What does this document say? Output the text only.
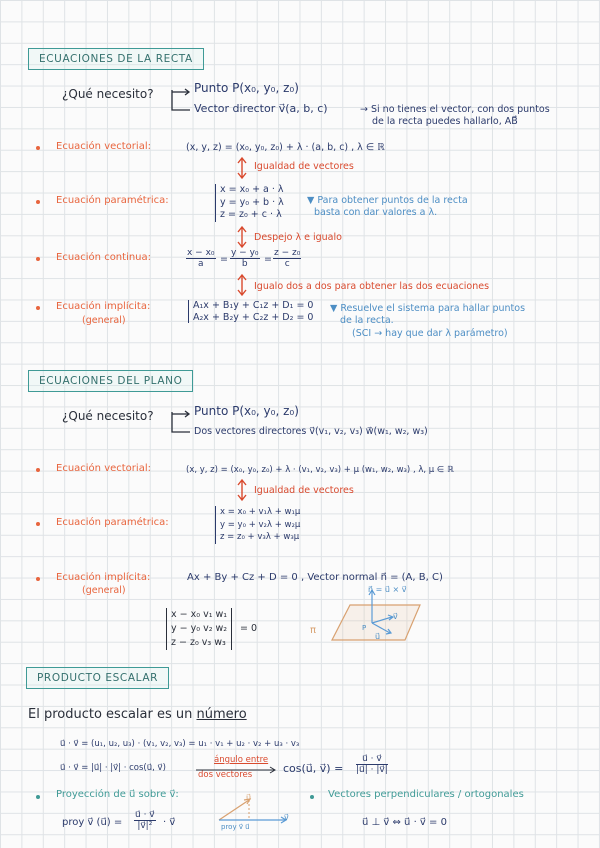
ECUACIONES DE LA RECTA
¿Qué necesito?	Punto P(x₀, y₀, z₀)
Vector director v⃗(a, b, c)	→ Si no tienes el vector, con dos puntos
de la recta puedes hallarlo, AB⃗
Ecuación vectorial:	(x, y, z) = (x₀, y₀, z₀) + λ · (a, b, c) , λ ∈ ℝ
Igualdad de vectores
Ecuación paramétrica:
x = x₀ + a · λ
y = y₀ + b · λ
z = z₀ + c · λ
▼ Para obtener puntos de la recta
basta con dar valores a λ.
Despejo λ e igualo
Ecuación continua:	$\frac{\text{x − x₀}}{a} = \frac{\text{y − y₀}}{b} = \frac{\text{z − z₀}}{c}$
Igualo dos a dos para obtener las dos ecuaciones
Ecuación implícita:
(general)
A₁x + B₁y + C₁z + D₁ = 0
A₂x + B₂y + C₂z + D₂ = 0
▼ Resuelve el sistema para hallar puntos
de la recta.
(SCI → hay que dar λ parámetro)
ECUACIONES DEL PLANO
¿Qué necesito?	Punto P(x₀, y₀, z₀)
Dos vectores directores v⃗(v₁, v₂, v₃) w⃗(w₁, w₂, w₃)
Ecuación vectorial:	(x, y, z) = (x₀, y₀, z₀) + λ · (v₁, v₂, v₃) + μ (w₁, w₂, w₃) , λ, μ ∈ ℝ
Igualdad de vectores
Ecuación paramétrica:
x = x₀ + v₁λ + w₁μ
y = y₀ + v₂λ + w₂μ
z = z₀ + v₃λ + w₃μ
Ecuación implícita:
(general)
Ax + By + Cz + D = 0 , Vector normal n⃗ = (A, B, C)
x − x₀ v₁ w₁
y − y₀ v₂ w₂
z − z₀ v₃ w₃
= 0
n⃗ = u⃗ × v⃗
π	P
u⃗
v⃗
PRODUCTO ESCALAR
El producto escalar es un número
u⃗ · v⃗ = (u₁, u₂, u₃) · (v₁, v₂, v₃) = u₁ · v₁ + u₂ · v₂ + u₃ · v₃
u⃗ · v⃗ = |u⃗| · |v⃗| · cos(u⃗, v⃗)
ángulo entre
dos vectores	cos(u⃗, v⃗) = $\frac{u⃗ \cdot v⃗}{|u⃗| \cdot |v⃗|}$
Proyección de u⃗ sobre v⃗:
proy v⃗ (u⃗) = $\frac{u⃗ \cdot v⃗}{\text{|v⃗|²}}$ · v⃗
u⃗
v⃗
proy v⃗ u⃗
Vectores perpendiculares / ortogonales
u⃗ ⊥ v⃗ ⇔ u⃗ · v⃗ = 0
